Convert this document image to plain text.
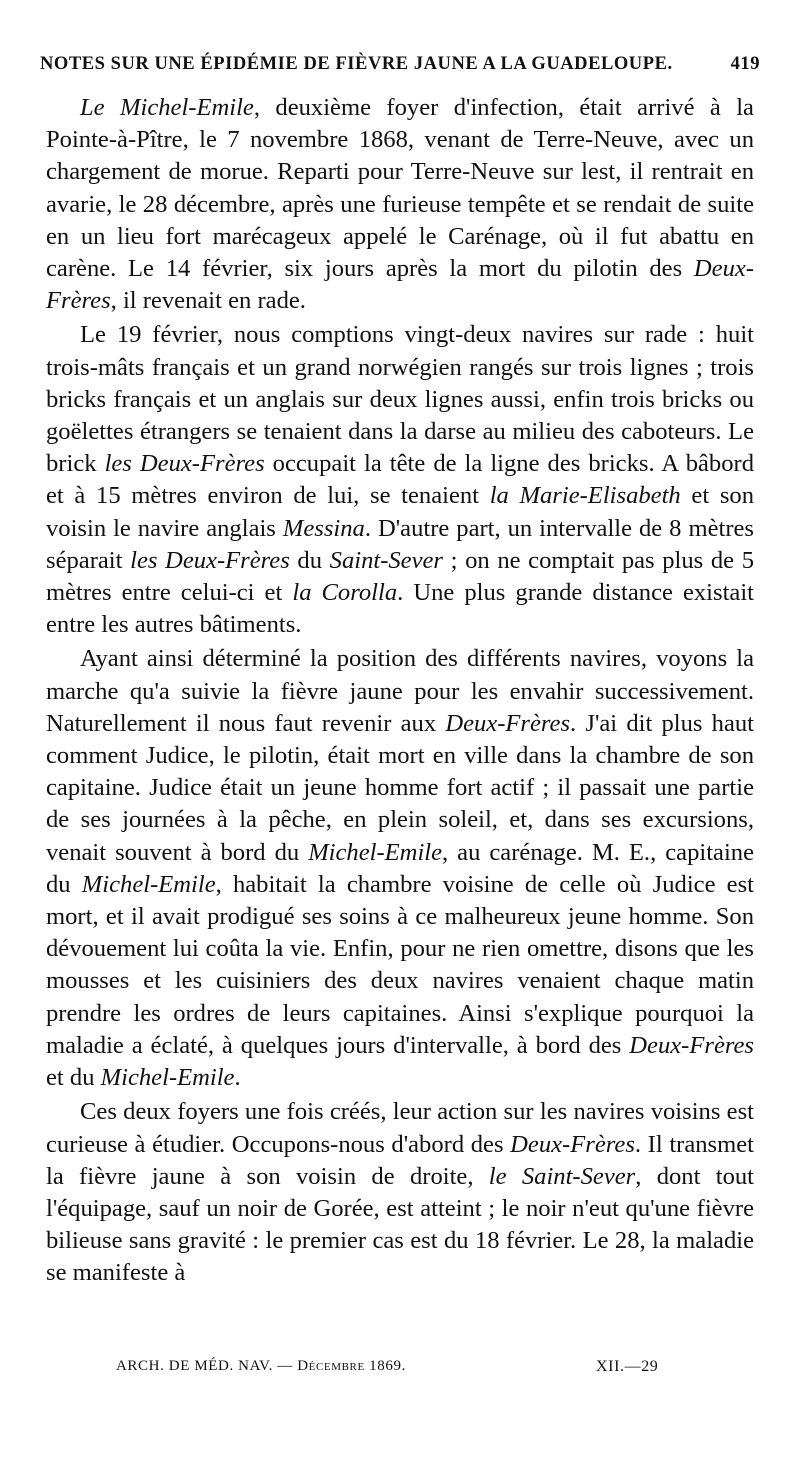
NOTES SUR UNE ÉPIDÉMIE DE FIÈVRE JAUNE A LA GUADELOUPE.	419

Le Michel-Emile, deuxième foyer d'infection, était arrivé à la Pointe-à-Pître, le 7 novembre 1868, venant de Terre-Neuve, avec un chargement de morue. Reparti pour Terre-Neuve sur lest, il rentrait en avarie, le 28 décembre, après une furieuse tempête et se rendait de suite en un lieu fort marécageux appelé le Carénage, où il fut abattu en carène. Le 14 février, six jours après la mort du pilotin des Deux-Frères, il revenait en rade.

Le 19 février, nous comptions vingt-deux navires sur rade : huit trois-mâts français et un grand norwégien rangés sur trois lignes ; trois bricks français et un anglais sur deux lignes aussi, enfin trois bricks ou goëlettes étrangers se tenaient dans la darse au milieu des caboteurs. Le brick les Deux-Frères occupait la tête de la ligne des bricks. A bâbord et à 15 mètres environ de lui, se tenaient la Marie-Elisabeth et son voisin le navire anglais Messina. D'autre part, un intervalle de 8 mètres séparait les Deux-Frères du Saint-Sever ; on ne comptait pas plus de 5 mètres entre celui-ci et la Corolla. Une plus grande distance existait entre les autres bâtiments.

Ayant ainsi déterminé la position des différents navires, voyons la marche qu'a suivie la fièvre jaune pour les envahir successivement. Naturellement il nous faut revenir aux Deux-Frères. J'ai dit plus haut comment Judice, le pilotin, était mort en ville dans la chambre de son capitaine. Judice était un jeune homme fort actif ; il passait une partie de ses journées à la pêche, en plein soleil, et, dans ses excursions, venait souvent à bord du Michel-Emile, au carénage. M. E., capitaine du Michel-Emile, habitait la chambre voisine de celle où Judice est mort, et il avait prodigué ses soins à ce malheureux jeune homme. Son dévouement lui coûta la vie. Enfin, pour ne rien omettre, disons que les mousses et les cuisiniers des deux navires venaient chaque matin prendre les ordres de leurs capitaines. Ainsi s'explique pourquoi la maladie a éclaté, à quelques jours d'intervalle, à bord des Deux-Frères et du Michel-Emile.

Ces deux foyers une fois créés, leur action sur les navires voisins est curieuse à étudier. Occupons-nous d'abord des Deux-Frères. Il transmet la fièvre jaune à son voisin de droite, le Saint-Sever, dont tout l'équipage, sauf un noir de Gorée, est atteint ; le noir n'eut qu'une fièvre bilieuse sans gravité : le premier cas est du 18 février. Le 28, la maladie se manifeste à

ARCH. DE MÉD. NAV. — Décembre 1869.	XII.—29
